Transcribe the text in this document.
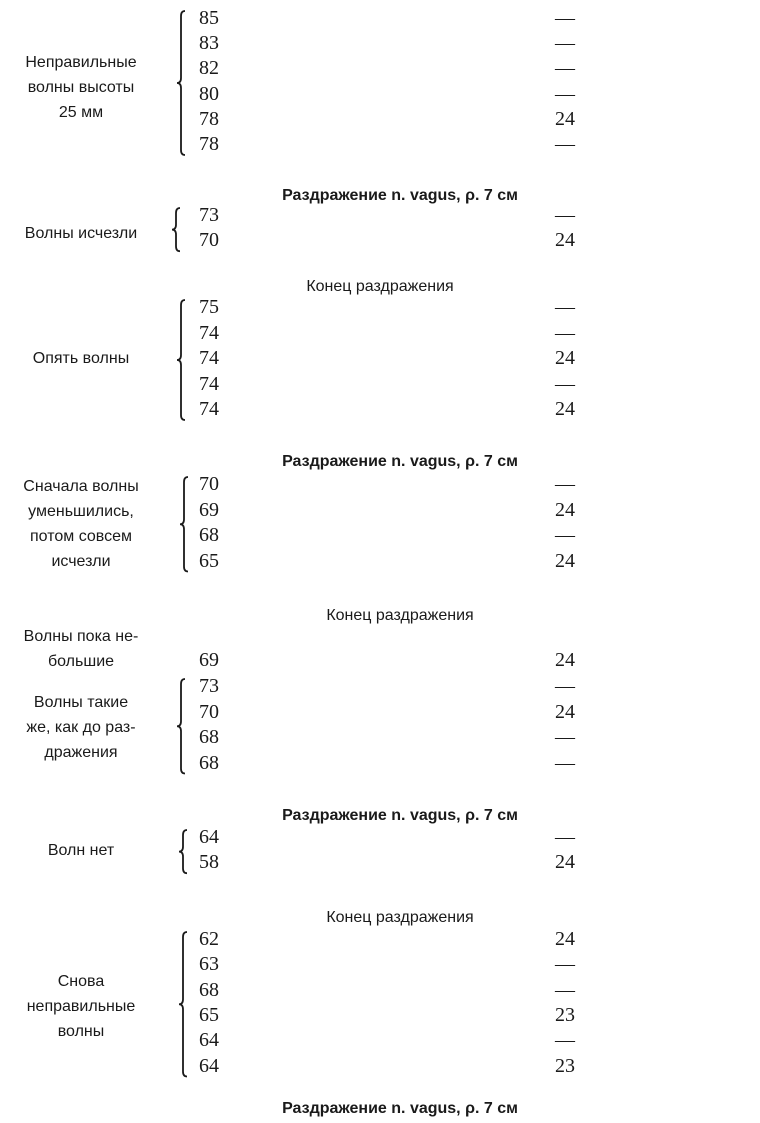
Неправильные
волны высоты
25 мм
85	—
83	—
82	—
80	—
78	24
78	—
Раздражение n. vagus, ρ. 7 см
Волны исчезли
73	—
70	24
Конец раздражения
Опять волны
75	—
74	—
74	24
74	—
74	24
Раздражение n. vagus, ρ. 7 см
Сначала волны
уменьшились,
потом совсем
исчезли
70	—
69	24
68	—
65	24
Конец раздражения
Волны пока не-
большие	69	24
Волны такие
же, как до раз-
дражения
73	—
70	24
68	—
68	—
Раздражение n. vagus, ρ. 7 см
Волн нет
64	—
58	24
Конец раздражения
Снова
неправильные
волны
62	24
63	—
68	—
65	23
64	—
64	23
Раздражение n. vagus, ρ. 7 см
